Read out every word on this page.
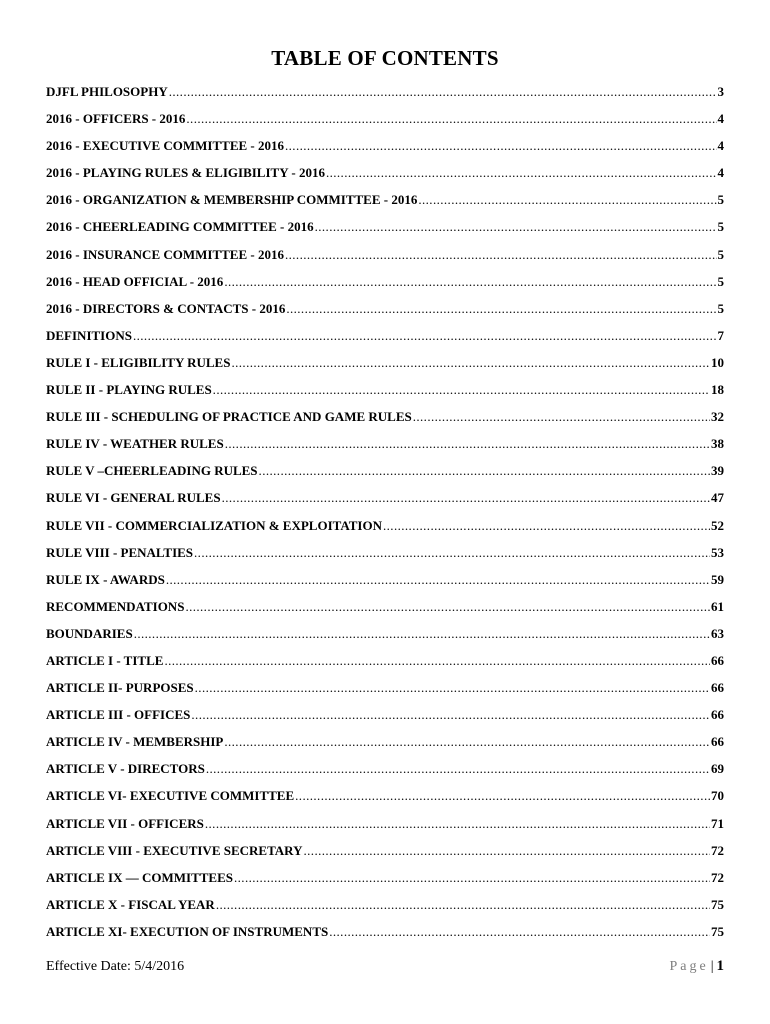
TABLE OF CONTENTS
DJFL PHILOSOPHY .....	3
2016 - OFFICERS - 2016 .....	4
2016 - EXECUTIVE COMMITTEE - 2016 .....	4
2016 - PLAYING RULES & ELIGIBILITY - 2016 .....	4
2016 - ORGANIZATION & MEMBERSHIP COMMITTEE - 2016 .....	5
2016 - CHEERLEADING COMMITTEE - 2016 .....	5
2016 - INSURANCE COMMITTEE - 2016 .....	5
2016 - HEAD OFFICIAL - 2016 .....	5
2016 - DIRECTORS & CONTACTS - 2016 .....	5
DEFINITIONS .....	7
RULE I - ELIGIBILITY RULES .....	10
RULE II - PLAYING RULES .....	18
RULE III - SCHEDULING OF PRACTICE AND GAME RULES .....	32
RULE IV - WEATHER RULES .....	38
RULE V –CHEERLEADING RULES .....	39
RULE VI - GENERAL RULES .....	47
RULE VII - COMMERCIALIZATION & EXPLOITATION .....	52
RULE VIII - PENALTIES .....	53
RULE IX - AWARDS .....	59
RECOMMENDATIONS .....	61
BOUNDARIES .....	63
ARTICLE I - TITLE .....	66
ARTICLE II- PURPOSES .....	66
ARTICLE III - OFFICES .....	66
ARTICLE IV - MEMBERSHIP .....	66
ARTICLE V - DIRECTORS .....	69
ARTICLE VI- EXECUTIVE COMMITTEE .....	70
ARTICLE VII - OFFICERS .....	71
ARTICLE VIII - EXECUTIVE SECRETARY .....	72
ARTICLE IX — COMMITTEES .....	72
ARTICLE X - FISCAL YEAR .....	75
ARTICLE XI- EXECUTION OF INSTRUMENTS .....	75
Effective Date: 5/4/2016	Page | 1
